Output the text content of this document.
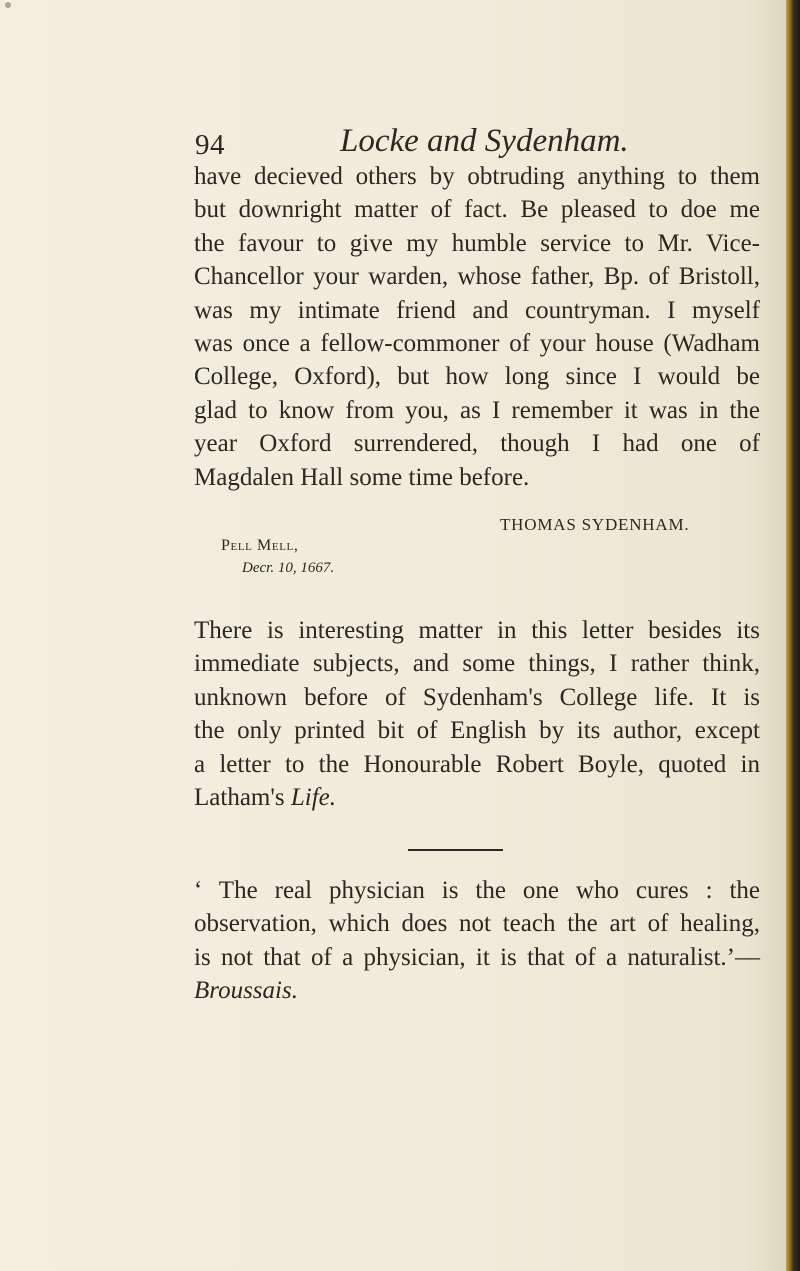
94	Locke and Sydenham.
have decieved others by obtruding anything to them
but downright matter of fact. Be pleased to doe me
the favour to give my humble service to Mr. Vice-
Chancellor your warden, whose father, Bp. of Bristoll,
was my intimate friend and countryman. I myself
was once a fellow-commoner of your house (Wadham
College, Oxford), but how long since I would be
glad to know from you, as I remember it was in the
year Oxford surrendered, though I had one of
Magdalen Hall some time before.
THOMAS SYDENHAM.
Pell Mell,
Decr. 10, 1667.
There is interesting matter in this letter besides its
immediate subjects, and some things, I rather think,
unknown before of Sydenham's College life. It is
the only printed bit of English by its author, except
a letter to the Honourable Robert Boyle, quoted in
Latham's Life.
‘ The real physician is the one who cures : the
observation, which does not teach the art of healing,
is not that of a physician, it is that of a naturalist.’—
Broussais.
